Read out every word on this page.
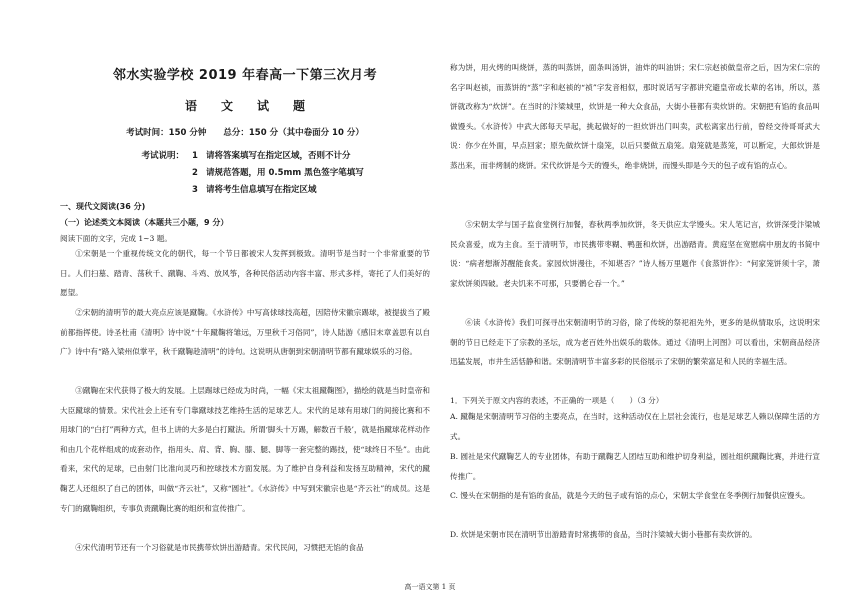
邻水实验学校 2019 年春高一下第三次月考
语 文 试 题
考试时间：150 分钟　　总分：150 分（其中卷面分 10 分）
考试说明： 1 请将答案填写在指定区域，否则不计分
2 请规范答题，用 0.5mm 黑色签字笔填写
3 请将考生信息填写在指定区域
一、现代文阅读(36 分)
（一）论述类文本阅读（本题共三小题，9 分）
阅读下面的文字，完成 1~3 题。
①宋朝是一个重视传统文化的朝代，每一个节日都被宋人发挥到极致。清明节是当时一个非常重要的节日。人们扫墓、踏青、荡秋千、蹴鞠、斗鸡、放风筝，各种民俗活动内容丰富、形式多样，寄托了人们美好的愿望。
②宋朝的清明节的最大亮点应该是蹴鞠。《水浒传》中写高俅球技高超，因陪侍宋徽宗踢球，被提拔当了殿前都指挥使。诗圣杜甫《清明》诗中说“十年蹴鞠将雏远，万里秋千习俗同”，诗人陆游《感旧末章盖思有以自广》诗中有“路入梁州似掌平，秋千蹴鞠趁清明”的诗句。这说明从唐朝到宋朝清明节都有蹴球娱乐的习俗。
③蹴鞠在宋代获得了极大的发展。上层踢球已经成为时尚，一幅《宋太祖蹴鞠图》，描绘的就是当时皇帝和大臣蹴球的情景。宋代社会上还有专门靠蹴球技艺维持生活的足球艺人。宋代的足球有用球门的间接比赛和不用球门的“白打”两种方式，但书上讲的大多是白打蹴法。所谓‘脚头十万踢，解数百千般’，就是指蹴球花样动作和由几个花样组成的成套动作，指用头、肩、背、胸、膝、腿、脚等一套完整的踢技，使“球终日不坠”。由此看来，宋代的足球，已由射门比准向灵巧和控球技术方面发展。为了维护自身利益和发扬互助精神，宋代的蹴鞠艺人还组织了自己的团体，叫做“齐云社”，又称“圆社”。《水浒传》中写到宋徽宗也是“齐云社”的成员。这是专门的蹴鞠组织，专事负责蹴鞠比赛的组织和宣传推广。
④宋代清明节还有一个习俗就是市民携带炊饼出游踏青。宋代民间，习惯把无馅的食品
称为饼，用火烤的叫烧饼，蒸的叫蒸饼，面条叫汤饼，油炸的叫油饼；宋仁宗赵祯做皇帝之后，因为宋仁宗的名字叫赵祯，而蒸饼的“蒸”字和赵祯的“祯”字发音相似，那时说话写字都讲究避皇帝或长辈的名讳，所以，蒸饼就改称为“炊饼”。在当时的汴梁城里，炊饼是一种大众食品，大街小巷都有卖炊饼的。宋朝把有馅的食品叫做馒头。《水浒传》中武大郎每天早起，挑起做好的一担炊饼出门叫卖，武松离家出行前，曾经交待哥哥武大说：你少在外面，早点回家；原先做炊饼十扇笼，以后只要做五扇笼。扇笼就是蒸笼，可以断定，大郎炊饼是蒸出来，而非烤制的烧饼。宋代炊饼是今天的馒头，绝非烧饼，而馒头即是今天的包子或有馅的点心。
⑤宋朝太学与国子监食堂例行加餐，春秋两季加炊饼，冬天供应太学馒头。宋人笔记言，炊饼深受汴梁城民众喜爱，成为主食。至于清明节，市民携带枣糊、鸭蛋和炊饼，出游踏青。黄庭坚在宽慰病中朋友的书简中说：“病者想渐苏醒能食炙。家园炊饼漫往，不知堪否？”诗人杨万里题作《食蒸饼作》：“何家笼饼须十字，萧家炊饼须四破。老夫饥来不可那，只要鹘仑吞一个。”
⑥读《水浒传》我们可探寻出宋朝清明节的习俗，除了传统的祭祀祖先外，更多的是纵情取乐，这说明宋朝的节日已经走下了宗教的圣坛，成为老百姓外出娱乐的载体。通过《清明上河图》可以看出，宋朝商品经济迅猛发展，市井生活恬静和谐。宋朝清明节丰富多彩的民俗展示了宋朝的繁荣富足和人民的幸福生活。
1．下列关于原文内容的表述，不正确的一项是（　　）（3 分）
A. 蹴鞠是宋朝清明节习俗的主要亮点，在当时，这种活动仅在上层社会流行，也是足球艺人赖以保障生活的方式。
B. 圆社是宋代蹴鞠艺人的专业团体，有助于蹴鞠艺人团结互助和维护切身利益，圆社组织蹴鞠比赛，并进行宣传推广。
C. 馒头在宋朝指的是有馅的食品，就是今天的包子或有馅的点心，宋朝太学食堂在冬季例行加餐供应馒头。
D. 炊饼是宋朝市民在清明节出游踏青时常携带的食品，当时汴梁城大街小巷都有卖炊饼的。
高一语文第 1 页
